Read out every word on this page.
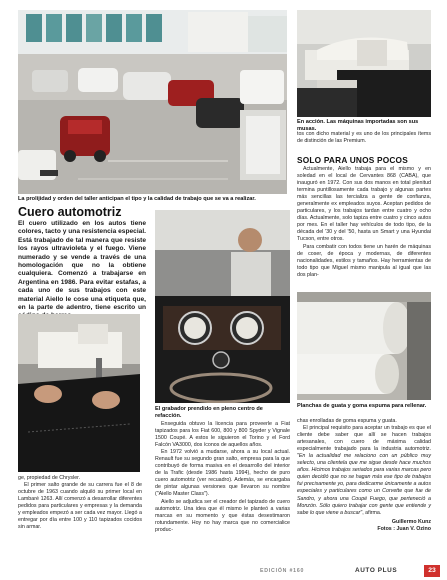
En acción. Las máquinas importadas son sus musas.

tos con dicho material y es uno de los principales ítems de distinción de las Premium.

SOLO PARA UNOS POCOS

Actualmente, Aiello trabaja para el mismo y en soledad en el local de Cervantes 868 (CABA), que inauguró en 1972. Con sus dos manos en total plenitud termina puntillosamente cada trabajo y algunas partes más sencillas las tercializa a gente de confianza, generalmente ex empleados suyos. Aceptan pedidos de particulares, y los trabajos tardan entre cuatro y ocho días. Actualmente, solo tapiza entre cuatro y cinco autos por mes. En el taller hay vehículos de todo tipo, de la década del '30 y del '50, hasta un Smart y una Hyundai Tucson, entre otros.

Para combatir con todos tiene un harén de máquinas de coser, de época y modernas, de diferentes nacionalidades, estilos y tamaños. Hay herramientas de todo tipo que Miguel mismo manipula al igual que las dos plan-

La prolijidad y orden del taller anticipan el tipo y la calidad de trabajo que se va a realizar.
Cuero automotriz
El cuero utilizado en los autos tiene colores, tacto y una resistencia especial. Está trabajado de tal manera que resiste los rayos ultravioleta y el fuego. Viene numerado y se vende a través de una homologación que no la obtiene cualquiera. Comenzó a trabajarse en Argentina en 1986. Para evitar estafas, a cada uno de sus trabajos con este material Aiello le cose una etiqueta que, en la parte de adentro, tiene escrito un
El grabador prendido en pleno centro de refacción.
Planchas de guata y goma espuma para rellenar.

ge, propiedad de Chrysler.

El primer salto grande de su carrera fue el 8 de octubre de 1963 cuando alquiló su primer local en Lambaré 1263. Allí comenzó a desarrollar diferentes pedidos para particulares y empresas y la demanda y empleados empezó a ser cada vez mayor. Llegó a entregar por día entre 100 y 110 tapizados cocidos sin armar.

Enseguida obtuvo la licencia para proveerle a Fiat tapizados para los Fiat 600, 800 y 800 Spyder y Vignale 1500 Coupé. A estos le siguieron el Torino y el Ford Falcón VA3000, dos íconos de aquellos años.

En 1972 volvió a mudarse, ahora a su local actual. Renault fue su segundo gran salto, empresa para la que contribuyó de forma masiva en el desarrollo del interior de la Trafic (desde 1986 hasta 1994), hecho de puro cuero automotriz (ver recuadro). Además, se encargaba de pintar algunas versiones que llevaron su nombre ("Aiello Master Class").

Aiello se adjudica ser el creador del tapizado de cuero automotriz. Una idea que él mismo le planteó a varias marcas en su momento y que éstas desestimaron rotundamente. Hoy no hay marca que no comercialice produc-

chas enrolladas de goma espuma y guata.

El principal requisito para aceptar un trabajo es que el cliente debe saber que allí se hacen trabajos artesanales, con cuero de máxima calidad especialmente trabajado para la industria automotriz. "En la actualidad me relaciono con un público muy selecto, una clientela que me sigue desde hace muchos años. Hicimos trabajos seriados para varias marcas pero quien decidió que no se hagan más ese tipo de trabajos fui precisamente yo, para dedicarme únicamente a autos especiales y particulares como un Corvette que fue de Sandro, y ahora una Coupé Fuego, que perteneció a Monzón. Sólo quiero trabajar con gente que entiende y sabe lo que viene a buscar", afirma.

Guillermo Kunz
Fotos : Juan V. Ozino
EDICIÓN #160	AUTO PLUS	23
